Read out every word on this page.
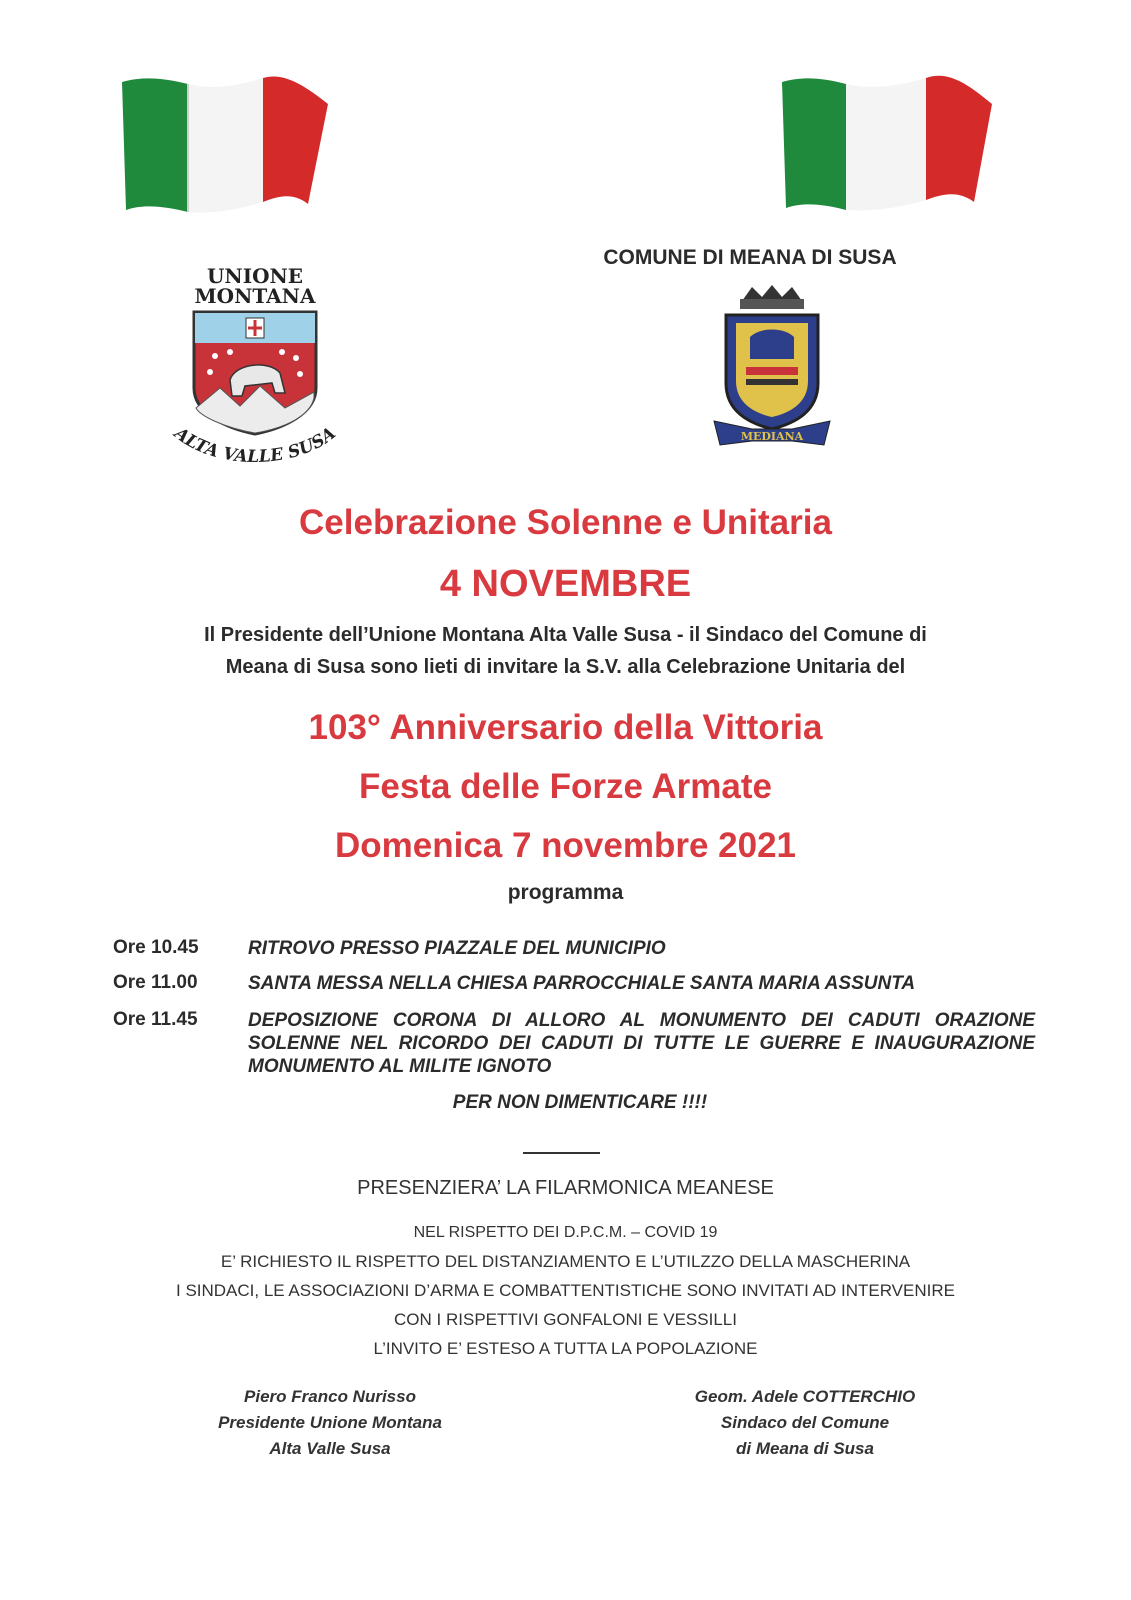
UNIONE
MONTANA
ALTA VALLE SUSA
COMUNE DI MEANA DI SUSA
MEDIANA
Celebrazione Solenne e Unitaria
4 NOVEMBRE
Il Presidente dell’Unione Montana Alta Valle Susa - il Sindaco del Comune di
Meana di Susa sono lieti di invitare la S.V. alla Celebrazione Unitaria del
103° Anniversario della Vittoria
Festa delle Forze Armate
Domenica 7 novembre 2021
programma
Ore 10.45	RITROVO PRESSO PIAZZALE DEL MUNICIPIO
Ore 11.00	SANTA MESSA NELLA CHIESA PARROCCHIALE SANTA MARIA ASSUNTA
Ore 11.45	DEPOSIZIONE CORONA DI ALLORO AL MONUMENTO DEI CADUTI ORAZIONE SOLENNE NEL RICORDO DEI CADUTI DI TUTTE LE GUERRE E INAUGURAZIONE MONUMENTO AL MILITE IGNOTO
PER NON DIMENTICARE !!!!
PRESENZIERA’ LA FILARMONICA MEANESE
NEL RISPETTO DEI D.P.C.M. – COVID 19
E’ RICHIESTO IL RISPETTO DEL DISTANZIAMENTO E L’UTILZZO DELLA MASCHERINA
I SINDACI, LE ASSOCIAZIONI D’ARMA E COMBATTENTISTICHE SONO INVITATI AD INTERVENIRE
CON I RISPETTIVI GONFALONI E VESSILLI
L’INVITO E’ ESTESO A TUTTA LA POPOLAZIONE
Piero Franco Nurisso
Presidente Unione Montana
Alta Valle Susa
Geom. Adele COTTERCHIO
Sindaco del Comune
di Meana di Susa
